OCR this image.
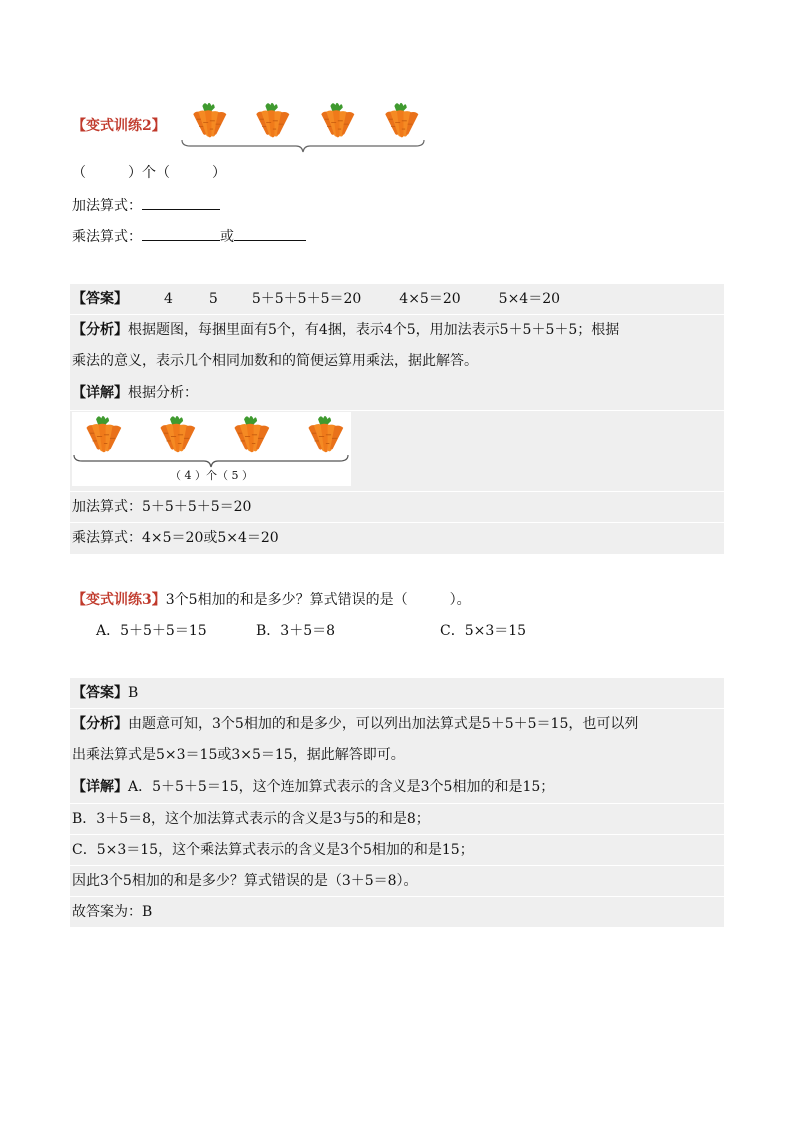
【变式训练2】
（　　　）个（　　　）
加法算式：
乘法算式：	或
【答案】	4	5 5＋5＋5＋5＝20	4×5＝20	5×4＝20
【分析】根据题图，每捆里面有5个，有4捆，表示4个5，用加法表示5＋5＋5＋5；根据
乘法的意义，表示几个相同加数和的简便运算用乘法，据此解答。
【详解】根据分析：
（ 4 ）个（ 5 ）
加法算式：5＋5＋5＋5＝20
乘法算式：4×5＝20或5×4＝20
【变式训练3】3个5相加的和是多少？算式错误的是（　　　）。
A．5＋5＋5＝15	B．3＋5＝8	C．5×3＝15
【答案】B
【分析】由题意可知，3个5相加的和是多少，可以列出加法算式是5＋5＋5＝15，也可以列
出乘法算式是5×3＝15或3×5＝15，据此解答即可。
【详解】A．5＋5＋5＝15，这个连加算式表示的含义是3个5相加的和是15；
B．3＋5＝8，这个加法算式表示的含义是3与5的和是8；
C．5×3＝15，这个乘法算式表示的含义是3个5相加的和是15；
因此3个5相加的和是多少？算式错误的是（3＋5＝8）。
故答案为：B
